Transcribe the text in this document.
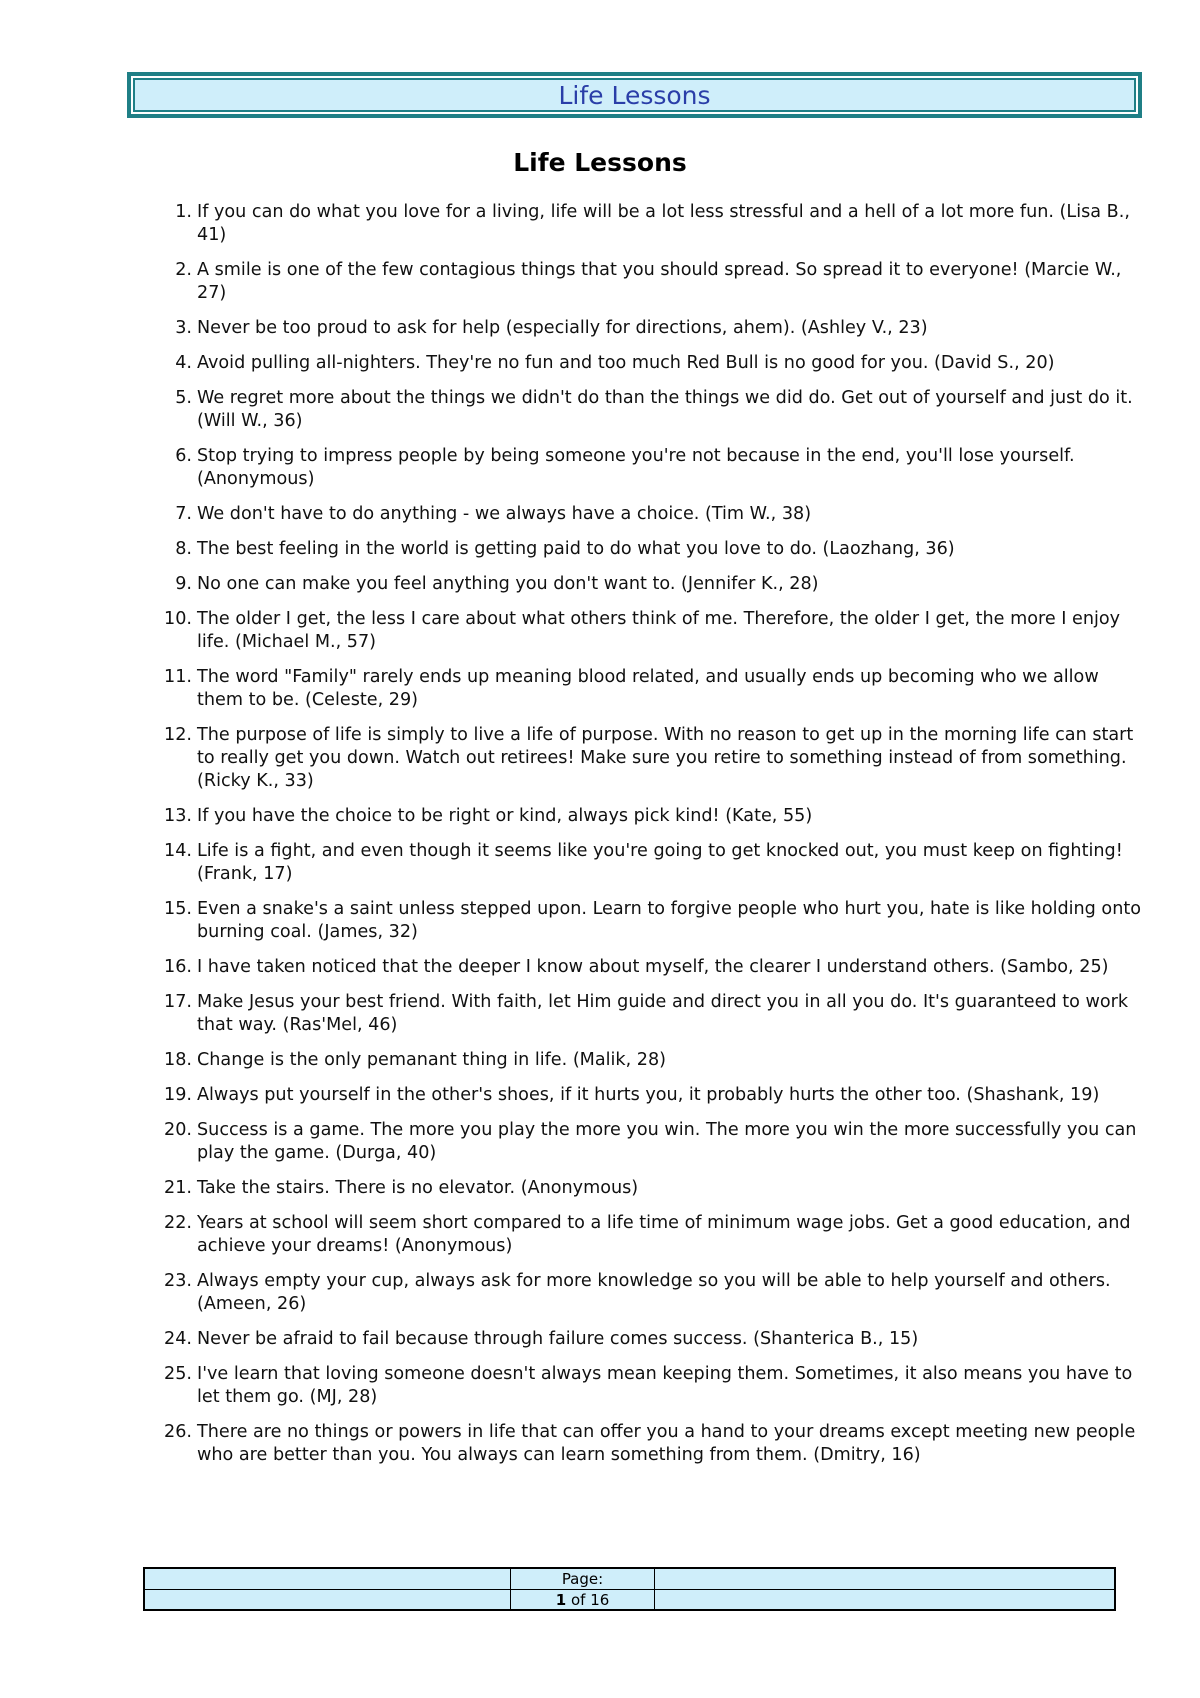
Life Lessons
Life Lessons
1 . If you can do what you love for a living, life will be a lot less stressful and a hell of a lot more fun. (Lisa B., 41)
2 . A smile is one of the few contagious things that you should spread. So spread it to everyone! (Marcie W., 27)
3 . Never be too proud to ask for help (especially for directions, ahem). (Ashley V., 23)
4 . Avoid pulling all-nighters. They're no fun and too much Red Bull is no good for you. (David S., 20)
5 . We regret more about the things we didn't do than the things we did do. Get out of yourself and just do it. (Will W., 36)
6 . Stop trying to impress people by being someone you're not because in the end, you'll lose yourself. (Anonymous)
7 . We don't have to do anything - we always have a choice. (Tim W., 38)
8 . The best feeling in the world is getting paid to do what you love to do. (Laozhang, 36)
9 . No one can make you feel anything you don't want to. (Jennifer K., 28)
10 . The older I get, the less I care about what others think of me. Therefore, the older I get, the more I enjoy life. (Michael M., 57)
11 . The word "Family" rarely ends up meaning blood related, and usually ends up becoming who we allow them to be. (Celeste, 29)
12 . The purpose of life is simply to live a life of purpose. With no reason to get up in the morning life can start to really get you down. Watch out retirees! Make sure you retire to something instead of from something. (Ricky K., 33)
13 . If you have the choice to be right or kind, always pick kind! (Kate, 55)
14 . Life is a fight, and even though it seems like you're going to get knocked out, you must keep on fighting! (Frank, 17)
15 . Even a snake's a saint unless stepped upon. Learn to forgive people who hurt you, hate is like holding onto burning coal. (James, 32)
16 . I have taken noticed that the deeper I know about myself, the clearer I understand others. (Sambo, 25)
17 . Make Jesus your best friend. With faith, let Him guide and direct you in all you do. It's guaranteed to work that way. (Ras'Mel, 46)
18 . Change is the only pemanant thing in life. (Malik, 28)
19 . Always put yourself in the other's shoes, if it hurts you, it probably hurts the other too. (Shashank, 19)
20 . Success is a game. The more you play the more you win. The more you win the more successfully you can play the game. (Durga, 40)
21 . Take the stairs. There is no elevator. (Anonymous)
22 . Years at school will seem short compared to a life time of minimum wage jobs. Get a good education, and achieve your dreams! (Anonymous)
23 . Always empty your cup, always ask for more knowledge so you will be able to help yourself and others. (Ameen, 26)
24 . Never be afraid to fail because through failure comes success. (Shanterica B., 15)
25 . I've learn that loving someone doesn't always mean keeping them. Sometimes, it also means you have to let them go. (MJ, 28)
26 . There are no things or powers in life that can offer you a hand to your dreams except meeting new people who are better than you. You always can learn something from them. (Dmitry, 16)
Page:
1 of 16
